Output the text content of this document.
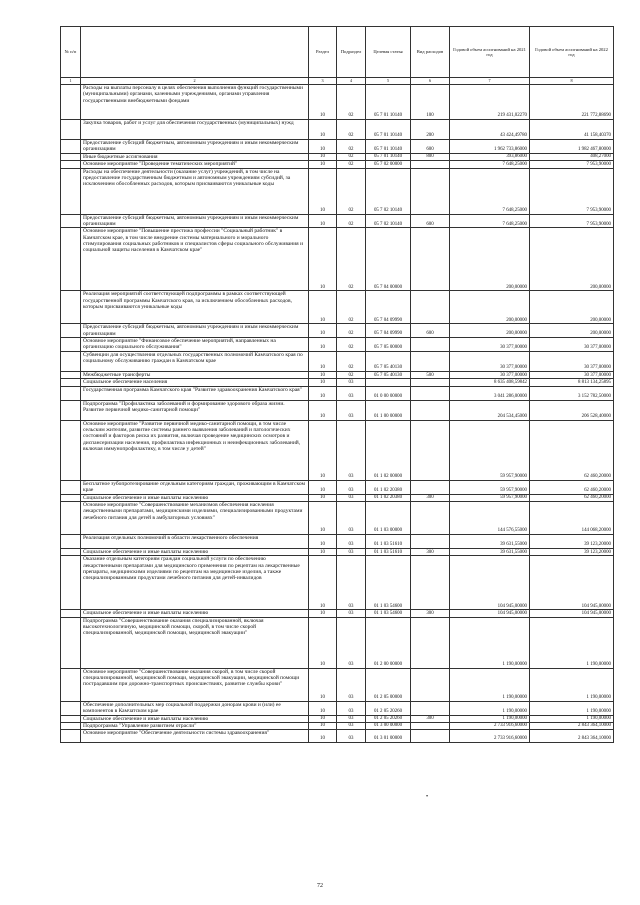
№ п/п		Раздел	Подраздел	Целевая статья	Вид расходов	Годовой объем ассигнований на 2021 год	Годовой объем ассигнований на 2022 год
1	2	3	4	5	6	7	8
	Расходы на выплаты персоналу в целях обеспечения выполнения функций государственными (муниципальными) органами, казенными учреждениями, органами управления государственными внебюджетными фондами	10	02	05 7 01 10140	100	219 431,02270	221 772,88690
	Закупка товаров, работ и услуг для обеспечения государственных (муниципальных) нужд	10	02	05 7 01 10140	200	43 424,49780	41 158,40370
	Предоставление субсидий бюджетным, автономным учреждениям и иным некоммерческим организациям	10	02	05 7 01 10140	600	1 962 733,86000	1 982 467,80000
	Иные бюджетные ассигнования	10	02	05 7 01 10140	800	393,86000	408,27000
	Основное мероприятие "Проведение тематических мероприятий"	10	02	05 7 02 00000		7 648,25000	7 953,90000
	Расходы на обеспечение деятельности (оказание услуг) учреждений, в том числе на предоставление государственным бюджетным и автономным учреждениям субсидий, за исключением обособленных расходов, которым присваиваются уникальные коды	10	02	05 7 02 10140		7 648,25000	7 953,90000
	Предоставление субсидий бюджетным, автономным учреждениям и иным некоммерческим организациям	10	02	05 7 02 10140	600	7 648,25000	7 953,90000
	Основное мероприятие "Повышение престижа профессии "Социальный работник" в Камчатском крае, в том числе внедрение системы материального и морального стимулирования социальных работников и специалистов сферы социального обслуживания и социальной защиты населения в Камчатском крае"	10	02	05 7 04 00000		200,00000	200,00000
	Реализация мероприятий соответствующей подпрограммы в рамках соответствующей государственной программы Камчатского края, за исключением обособленных расходов, которым присваиваются уникальные коды	10	02	05 7 04 09990		200,00000	200,00000
	Предоставление субсидий бюджетным, автономным учреждениям и иным некоммерческим организациям	10	02	05 7 04 09990	600	200,00000	200,00000
	Основное мероприятие "Финансовое обеспечение мероприятий, направленных на организацию социального обслуживания"	10	02	05 7 05 00000		30 377,00000	30 377,00000
	Субвенции для осуществления отдельных государственных полномочий Камчатского края по социальному обслуживанию граждан в Камчатском крае	10	02	05 7 05 40130		30 377,00000	30 377,00000
	Межбюджетные трансферты	10	02	05 7 05 40130	500	30 377,00000	30 377,00000
	Социальное обеспечение населения	10	03			8 635 408,59842	8 813 134,25895
	Государственная программа Камчатского края "Развитие здравоохранения Камчатского края"	10	03	01 0 00 00000		3 041 286,00000	3 152 782,50000
	Подпрограмма "Профилактика заболеваний и формирование здорового образа жизни. Развитие первичной медико-санитарной помощи"	10	03	01 1 00 00000		204 534,45000	206 528,40000
	Основное мероприятие "Развитие первичной медико-санитарной помощи, в том числе сельским жителям, развитие системы раннего выявления заболеваний и патологических состояний и факторов риска их развития, включая проведение медицинских осмотров и диспансеризации населения, профилактика инфекционных и неинфекционных заболеваний, включая иммунопрофилактику, в том числе у детей"	10	03	01 1 02 00000		59 957,90000	62 460,20000
	Бесплатное зубопротезирование отдельным категориям граждан, проживающим в Камчатском крае	10	03	01 1 02 20380		59 957,90000	62 460,20000
	Социальное обеспечение и иные выплаты населению	10	03	01 1 02 20380	300	59 957,90000	62 460,20000
	Основное мероприятие "Совершенствование механизмов обеспечения населения лекарственными препаратами, медицинскими изделиями, специализированными продуктами лечебного питания для детей в амбулаторных условиях"	10	03	01 1 03 00000		144 576,55000	144 068,20000
	Реализация отдельных полномочий в области лекарственного обеспечения	10	03	01 1 03 51610		39 631,55000	39 123,20000
	Социальное обеспечение и иные выплаты населению	10	03	01 1 03 51610	300	39 631,55000	39 123,20000
	Оказание отдельным категориям граждан социальной услуги по обеспечению лекарственными препаратами для медицинского применения по рецептам на лекарственные препараты, медицинскими изделиями по рецептам на медицинские изделия, а также специализированными продуктами лечебного питания для детей-инвалидов	10	03	01 1 03 54600		104 945,00000	104 945,00000
	Социальное обеспечение и иные выплаты населению	10	03	01 1 03 54600	300	104 945,00000	104 945,00000
	Подпрограмма "Совершенствование оказания специализированной, включая высокотехнологичную, медицинской помощи, скорой, в том числе скорой специализированной, медицинской помощи, медицинской эвакуации"	10	03	01 2 00 00000		1 190,00000	1 190,00000
	Основное мероприятие "Совершенствование оказания скорой, в том числе скорой специализированной, медицинской помощи, медицинской эвакуации, медицинской помощи пострадавшим при дорожно-транспортных происшествиях, развитие службы крови"	10	03	01 2 05 00000		1 190,00000	1 190,00000
	Обеспечение дополнительных мер социальной поддержки донорам крови и (или) ее компонентов в Камчатском крае	10	03	01 2 05 20260		1 190,00000	1 190,00000
	Социальное обеспечение и иные выплаты населению	10	03	01 2 05 20260	300	1 190,00000	1 190,00000
	Подпрограмма "Управление развитием отрасли"	10	03	01 3 00 00000		2 733 916,60000	2 843 364,10000
	Основное мероприятие "Обеспечение деятельности системы здравоохранения"	10	03	01 3 01 00000		2 733 916,60000	2 843 364,10000
•
72
